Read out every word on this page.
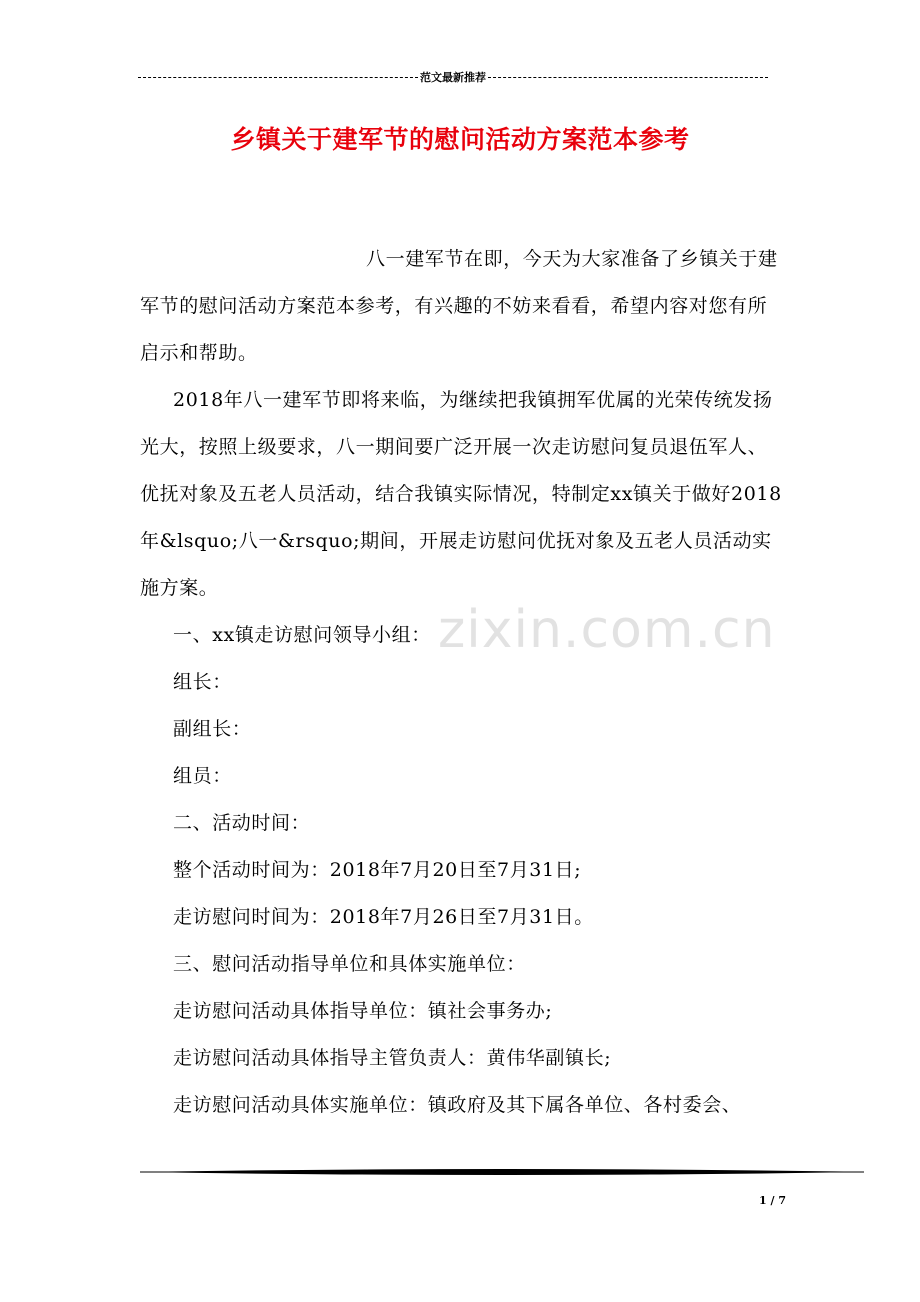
范文最新推荐
乡镇关于建军节的慰问活动方案范本参考

八一建军节在即，今天为大家准备了乡镇关于建军节的慰问活动方案范本参考，有兴趣的不妨来看看，希望内容对您有所启示和帮助。

2018年八一建军节即将来临，为继续把我镇拥军优属的光荣传统发扬光大，按照上级要求，八一期间要广泛开展一次走访慰问复员退伍军人、优抚对象及五老人员活动，结合我镇实际情况，特制定xx镇关于做好2018年&lsquo;八一&rsquo;期间，开展走访慰问优抚对象及五老人员活动实施方案。

一、xx镇走访慰问领导小组：

组长：

副组长：

组员：

二、活动时间：

整个活动时间为：2018年7月20日至7月31日;

走访慰问时间为：2018年7月26日至7月31日。

三、慰问活动指导单位和具体实施单位：

走访慰问活动具体指导单位：镇社会事务办;

走访慰问活动具体指导主管负责人：黄伟华副镇长;

走访慰问活动具体实施单位：镇政府及其下属各单位、各村委会、

zixin.com.cn
1 / 7
